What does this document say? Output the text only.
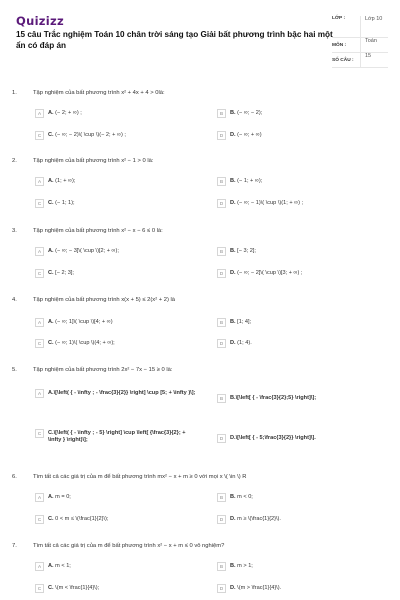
Quizizz
15 câu Trắc nghiệm Toán 10 chân trời sáng tạo Giải bất phương trình bậc hai một ẩn có đáp án
LỚP :	Lớp 10
MÔN :
Toán
SỐ CÂU :
15
1.	Tập nghiệm của bất phương trình x² + 4x + 4 > 0là:
A	A. (− 2; + ∞) ;	B	B. (− ∞; − 2);
C	C. (− ∞; − 2)\( \cup \)(− 2; + ∞) ;	D	D. (− ∞; + ∞)
2.	Tập nghiệm của bất phương trình x² − 1 > 0 là:
A	A. (1; + ∞);	B	B. (− 1; + ∞);
C	C. (− 1; 1);	D	D. (− ∞; − 1)\( \cup \)(1; + ∞) ;
3.	Tập nghiệm của bất phương trình x² − x − 6 ≤ 0 là:
A	A. (− ∞; − 3]\( \cup \)[2; + ∞);	B	B. [− 3; 2];
C	C. [− 2; 3];	D	D. (− ∞; − 2]\( \cup \)[3; + ∞) ;
4.	Tập nghiệm của bất phương trình x(x + 5) ≤ 2(x² + 2) là
A	A. (− ∞; 1]\( \cup \)[4; + ∞)	B	B. [1; 4];
C	C. (− ∞; 1)\( \cup \)(4; + ∞);	D	D. (1; 4).
5.	Tập nghiệm của bất phương trình 2x² − 7x − 15 ≥ 0 là:
A	A.\[\left( { - \infty ; - \frac{3}{2}} \right] \cup [5; + \infty )\];
B	B.\[\left[ { - \frac{3}{2};5} \right]\];
C	C.\[\left( { - \infty ; - 5} \right] \cup \left[ {\frac{3}{2}; + \infty } \right)\];	D	D.\[\left[ { - 5;\frac{3}{2}} \right]\].
6.	Tìm tất cả các giá trị của m để bất phương trình mx² − x + m ≥ 0 với mọi x \( \in \) R
A	A. m = 0;	B	B. m < 0;
C	C. 0 < m ≤ \(\frac{1}{2}\);	D	D. m ≥ \(\frac{1}{2}\).
7.	Tìm tất cả các giá trị của m để bất phương trình x² − x + m ≤ 0 vô nghiệm?
A	A. m < 1;	B	B. m > 1;
C	C. \(m < \frac{1}{4}\);	D	D. \(m > \frac{1}{4}\).
